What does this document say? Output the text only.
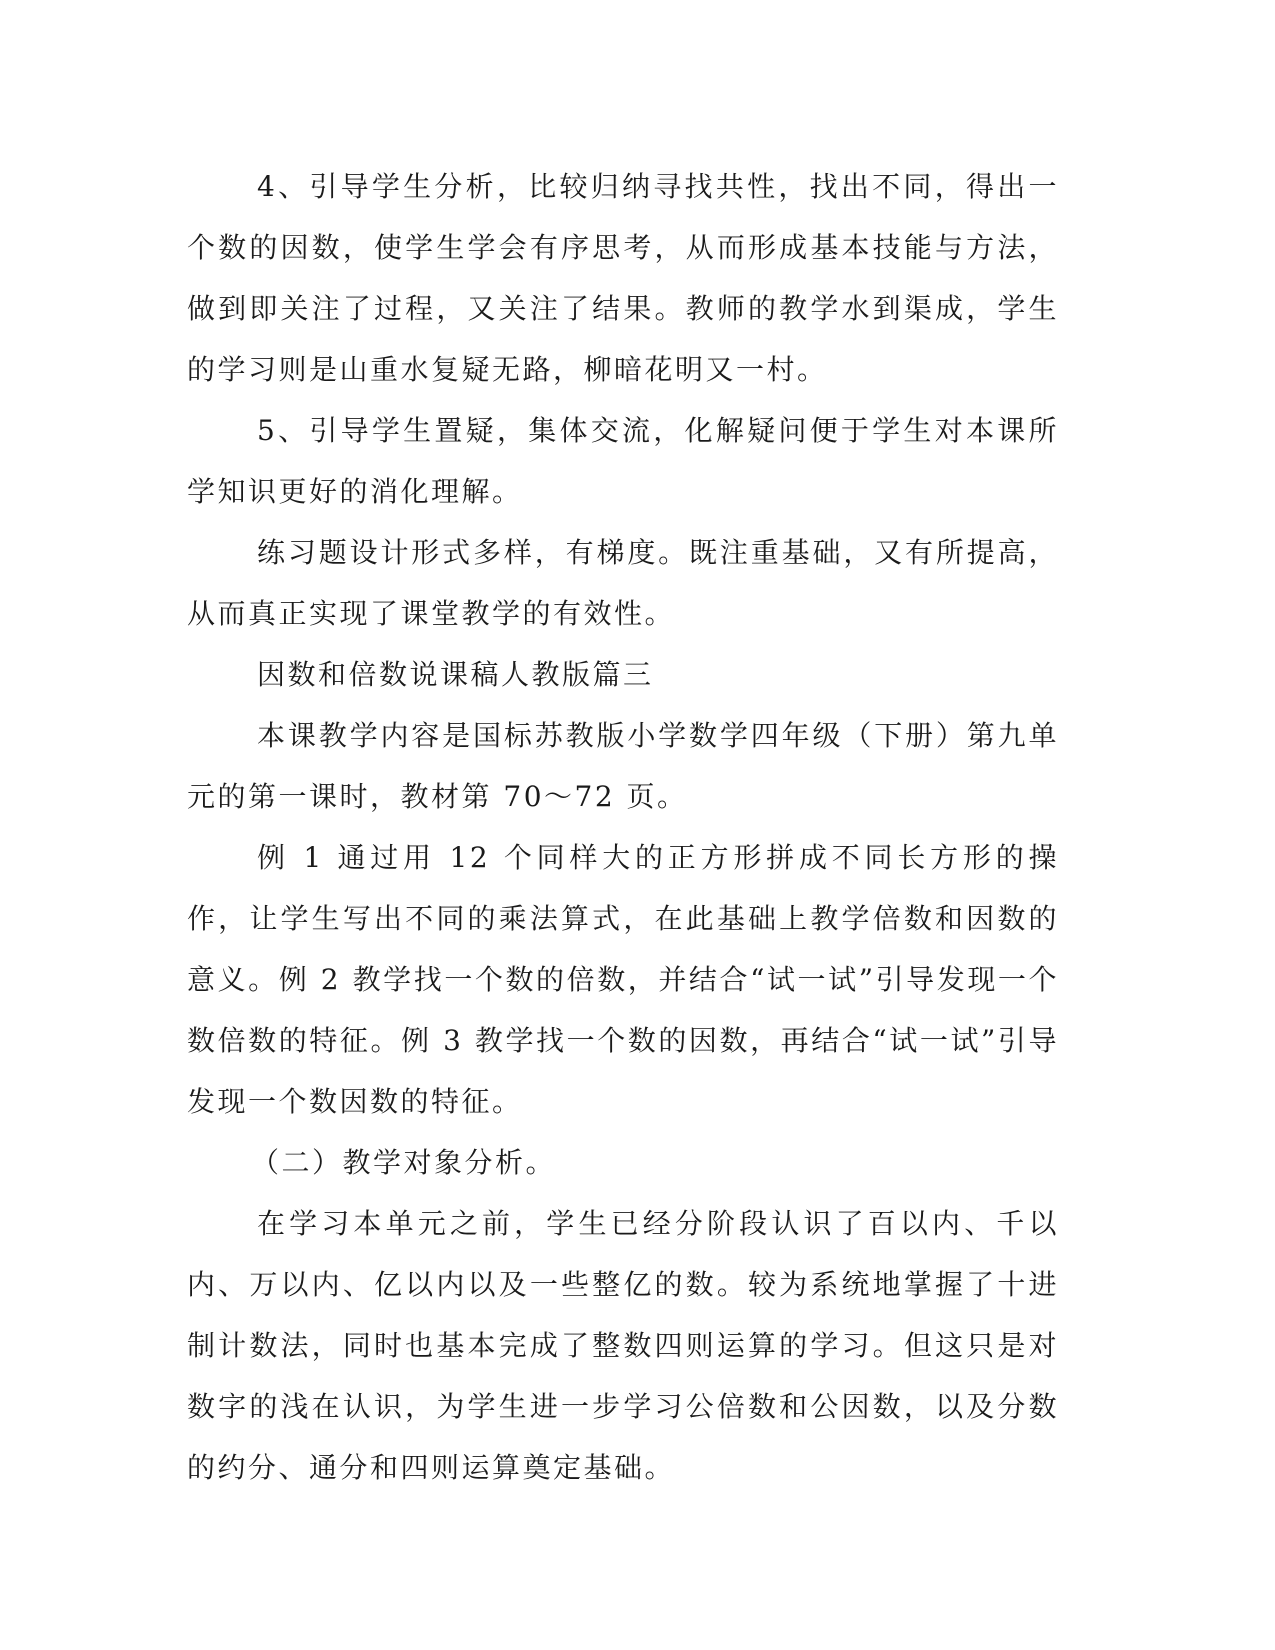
4、引导学生分析，比较归纳寻找共性，找出不同，得出一个数的因数，使学生学会有序思考，从而形成基本技能与方法，做到即关注了过程，又关注了结果。教师的教学水到渠成，学生的学习则是山重水复疑无路，柳暗花明又一村。

5、引导学生置疑，集体交流，化解疑问便于学生对本课所学知识更好的消化理解。

练习题设计形式多样，有梯度。既注重基础，又有所提高，从而真正实现了课堂教学的有效性。

因数和倍数说课稿人教版篇三

本课教学内容是国标苏教版小学数学四年级（下册）第九单元的第一课时，教材第 70～72 页。

例 1 通过用 12 个同样大的正方形拼成不同长方形的操作，让学生写出不同的乘法算式，在此基础上教学倍数和因数的意义。例 2 教学找一个数的倍数，并结合“试一试”引导发现一个数倍数的特征。例 3 教学找一个数的因数，再结合“试一试”引导发现一个数因数的特征。

（二）教学对象分析。

在学习本单元之前，学生已经分阶段认识了百以内、千以内、万以内、亿以内以及一些整亿的数。较为系统地掌握了十进制计数法，同时也基本完成了整数四则运算的学习。但这只是对数字的浅在认识，为学生进一步学习公倍数和公因数，以及分数的约分、通分和四则运算奠定基础。
